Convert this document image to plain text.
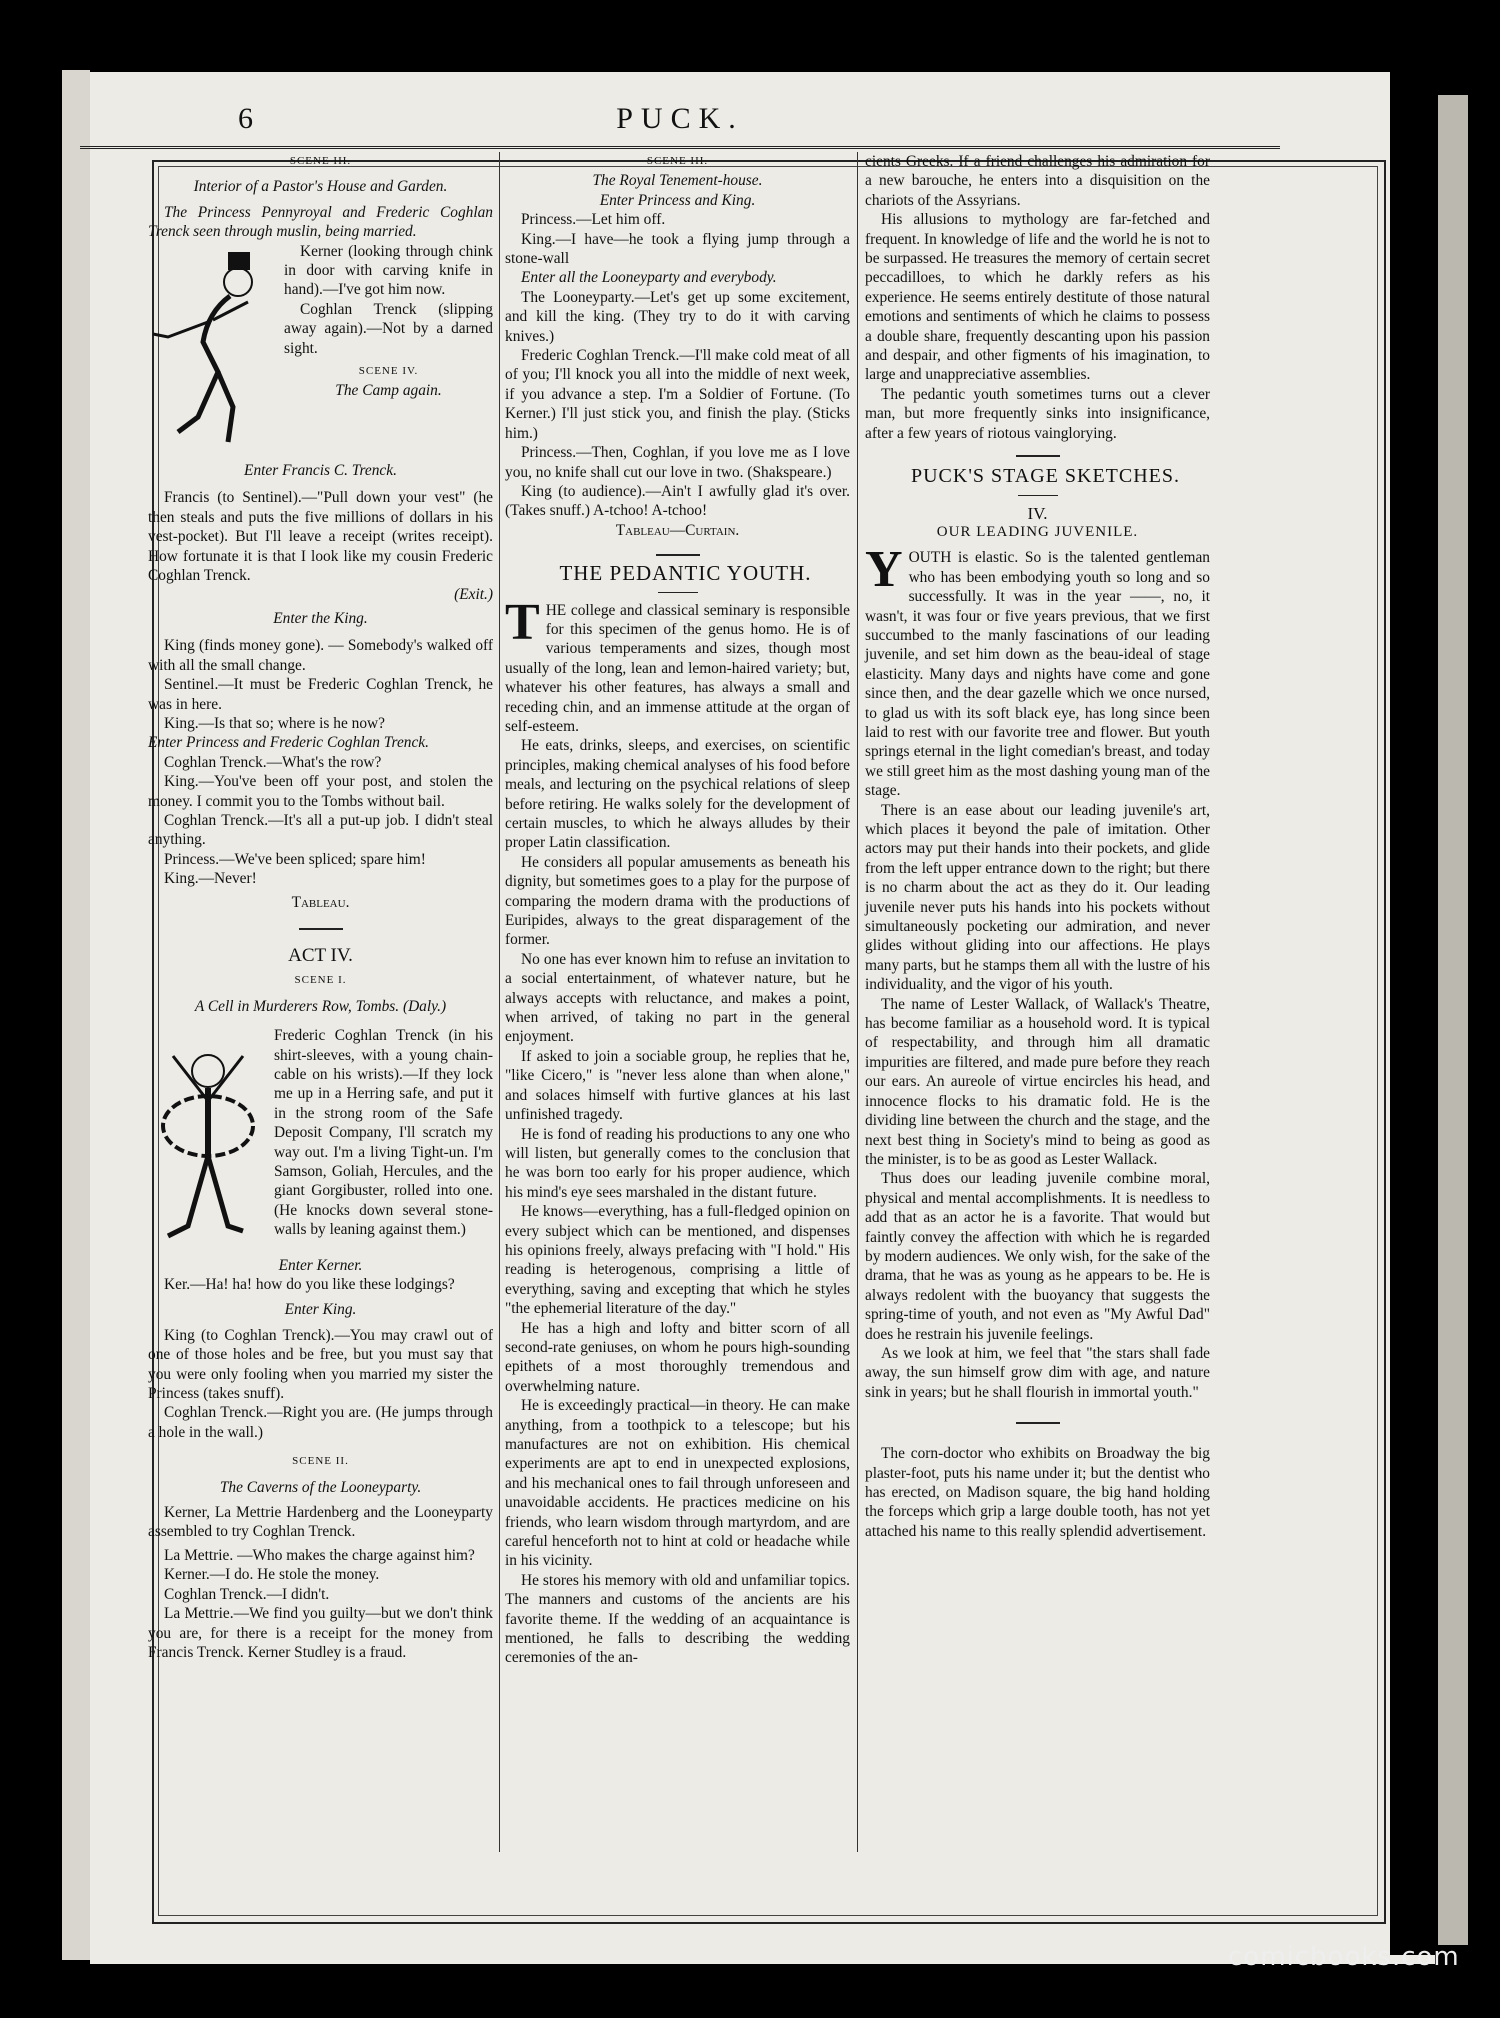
6	PUCK.

SCENE III.

Interior of a Pastor's House and Garden.

The Princess Pennyroyal and Frederic Coghlan Trenck seen through muslin, being married.

Kerner (looking through chink in door with carving knife in hand).—I've got him now.

Coghlan Trenck (slipping away again).—Not by a darned sight.

SCENE IV.

The Camp again.

Enter Francis C. Trenck.

Francis (to Sentinel).—"Pull down your vest" (he then steals and puts the five millions of dollars in his vest-pocket). But I'll leave a receipt (writes receipt). How fortunate it is that I look like my cousin Frederic Coghlan Trenck.

(Exit.)

Enter the King.

King (finds money gone). — Somebody's walked off with all the small change.

Sentinel.—It must be Frederic Coghlan Trenck, he was in here.

King.—Is that so; where is he now?

Enter Princess and Frederic Coghlan Trenck.

Coghlan Trenck.—What's the row?

King.—You've been off your post, and stolen the money. I commit you to the Tombs without bail.

Coghlan Trenck.—It's all a put-up job. I didn't steal anything.

Princess.—We've been spliced; spare him!

King.—Never!

Tableau.

ACT IV.

SCENE I.

A Cell in Murderers Row, Tombs. (Daly.)

Frederic Coghlan Trenck (in his shirt-sleeves, with a young chain-cable on his wrists).—If they lock me up in a Herring safe, and put it in the strong room of the Safe Deposit Company, I'll scratch my way out. I'm a living Tight-un. I'm Samson, Goliah, Hercules, and the giant Gorgibuster, rolled into one. (He knocks down several stone-walls by leaning against them.)

Enter Kerner.

Ker.—Ha! ha! how do you like these lodgings?

Enter King.

King (to Coghlan Trenck).—You may crawl out of one of those holes and be free, but you must say that you were only fooling when you married my sister the Princess (takes snuff).

Coghlan Trenck.—Right you are. (He jumps through a hole in the wall.)

SCENE II.

The Caverns of the Looneyparty.

Kerner, La Mettrie Hardenberg and the Looneyparty assembled to try Coghlan Trenck.

La Mettrie. —Who makes the charge against him?

Kerner.—I do. He stole the money.

Coghlan Trenck.—I didn't.

La Mettrie.—We find you guilty—but we don't think you are, for there is a receipt for the money from Francis Trenck. Kerner Studley is a fraud.

SCENE III.

The Royal Tenement-house.

Enter Princess and King.

Princess.—Let him off.

King.—I have—he took a flying jump through a stone-wall

Enter all the Looneyparty and everybody.

The Looneyparty.—Let's get up some excitement, and kill the king. (They try to do it with carving knives.)

Frederic Coghlan Trenck.—I'll make cold meat of all of you; I'll knock you all into the middle of next week, if you advance a step. I'm a Soldier of Fortune. (To Kerner.) I'll just stick you, and finish the play. (Sticks him.)

Princess.—Then, Coghlan, if you love me as I love you, no knife shall cut our love in two. (Shakspeare.)

King (to audience).—Ain't I awfully glad it's over. (Takes snuff.) A-tchoo! A-tchoo!

Tableau—Curtain.

THE PEDANTIC YOUTH.

THE college and classical seminary is responsible for this specimen of the genus homo. He is of various temperaments and sizes, though most usually of the long, lean and lemon-haired variety; but, whatever his other features, has always a small and receding chin, and an immense attitude at the organ of self-esteem.

He eats, drinks, sleeps, and exercises, on scientific principles, making chemical analyses of his food before meals, and lecturing on the psychical relations of sleep before retiring. He walks solely for the development of certain muscles, to which he always alludes by their proper Latin classification.

He considers all popular amusements as beneath his dignity, but sometimes goes to a play for the purpose of comparing the modern drama with the productions of Euripides, always to the great disparagement of the former.

No one has ever known him to refuse an invitation to a social entertainment, of whatever nature, but he always accepts with reluctance, and makes a point, when arrived, of taking no part in the general enjoyment.

If asked to join a sociable group, he replies that he, "like Cicero," is "never less alone than when alone," and solaces himself with furtive glances at his last unfinished tragedy.

He is fond of reading his productions to any one who will listen, but generally comes to the conclusion that he was born too early for his proper audience, which his mind's eye sees marshaled in the distant future.

He knows—everything, has a full-fledged opinion on every subject which can be mentioned, and dispenses his opinions freely, always prefacing with "I hold." His reading is heterogenous, comprising a little of everything, saving and excepting that which he styles "the ephemerial literature of the day."

He has a high and lofty and bitter scorn of all second-rate geniuses, on whom he pours high-sounding epithets of a most thoroughly tremendous and overwhelming nature.

He is exceedingly practical—in theory. He can make anything, from a toothpick to a telescope; but his manufactures are not on exhibition. His chemical experiments are apt to end in unexpected explosions, and his mechanical ones to fail through unforeseen and unavoidable accidents. He practices medicine on his friends, who learn wisdom through martyrdom, and are careful henceforth not to hint at cold or headache while in his vicinity.

He stores his memory with old and unfamiliar topics. The manners and customs of the ancients are his favorite theme. If the wedding of an acquaintance is mentioned, he falls to describing the wedding ceremonies of the an-

cients Greeks. If a friend challenges his admiration for a new barouche, he enters into a disquisition on the chariots of the Assyrians.

His allusions to mythology are far-fetched and frequent. In knowledge of life and the world he is not to be surpassed. He treasures the memory of certain secret peccadilloes, to which he darkly refers as his experience. He seems entirely destitute of those natural emotions and sentiments of which he claims to possess a double share, frequently descanting upon his passion and despair, and other figments of his imagination, to large and unappreciative assemblies.

The pedantic youth sometimes turns out a clever man, but more frequently sinks into insignificance, after a few years of riotous vainglorying.

PUCK'S STAGE SKETCHES.

IV.

OUR LEADING JUVENILE.

YOUTH is elastic. So is the talented gentleman who has been embodying youth so long and so successfully. It was in the year ——, no, it wasn't, it was four or five years previous, that we first succumbed to the manly fascinations of our leading juvenile, and set him down as the beau-ideal of stage elasticity. Many days and nights have come and gone since then, and the dear gazelle which we once nursed, to glad us with its soft black eye, has long since been laid to rest with our favorite tree and flower. But youth springs eternal in the light comedian's breast, and today we still greet him as the most dashing young man of the stage.

There is an ease about our leading juvenile's art, which places it beyond the pale of imitation. Other actors may put their hands into their pockets, and glide from the left upper entrance down to the right; but there is no charm about the act as they do it. Our leading juvenile never puts his hands into his pockets without simultaneously pocketing our admiration, and never glides without gliding into our affections. He plays many parts, but he stamps them all with the lustre of his individuality, and the vigor of his youth.

The name of Lester Wallack, of Wallack's Theatre, has become familiar as a household word. It is typical of respectability, and through him all dramatic impurities are filtered, and made pure before they reach our ears. An aureole of virtue encircles his head, and innocence flocks to his dramatic fold. He is the dividing line between the church and the stage, and the next best thing in Society's mind to being as good as the minister, is to be as good as Lester Wallack.

Thus does our leading juvenile combine moral, physical and mental accomplishments. It is needless to add that as an actor he is a favorite. That would but faintly convey the affection with which he is regarded by modern audiences. We only wish, for the sake of the drama, that he was as young as he appears to be. He is always redolent with the buoyancy that suggests the spring-time of youth, and not even as "My Awful Dad" does he restrain his juvenile feelings.

As we look at him, we feel that "the stars shall fade away, the sun himself grow dim with age, and nature sink in years; but he shall flourish in immortal youth."

The corn-doctor who exhibits on Broadway the big plaster-foot, puts his name under it; but the dentist who has erected, on Madison square, the big hand holding the forceps which grip a large double tooth, has not yet attached his name to this really splendid advertisement.

comicbooks.com
